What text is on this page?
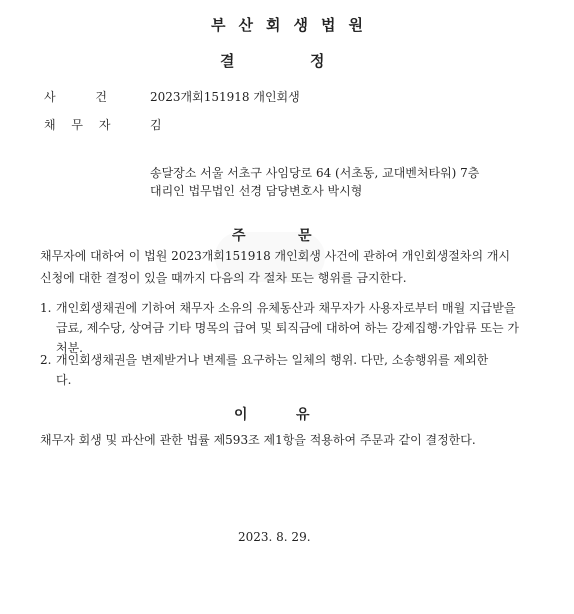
부산회생법원
결	정
사 건	2023개회151918 개인회생
채 무 자	김
송달장소 서울 서초구 사임당로 64 (서초동, 교대벤처타워) 7층
대리인 법무법인 선경 담당변호사 박시형
주	문
채무자에 대하여 이 법원 2023개회151918 개인회생 사건에 관하여 개인회생절차의 개시신청에 대한 결정이 있을 때까지 다음의 각 절차 또는 행위를 금지한다.
1. 개인회생채권에 기하여 채무자 소유의 유체동산과 채무자가 사용자로부터 매월 지급받을 급료, 제수당, 상여금 기타 명목의 급여 및 퇴직금에 대하여 하는 강제집행·가압류 또는 가처분.
2. 개인회생채권을 변제받거나 변제를 요구하는 일체의 행위. 다만, 소송행위를 제외한다.
이	유
채무자 회생 및 파산에 관한 법률 제593조 제1항을 적용하여 주문과 같이 결정한다.
2023. 8. 29.
